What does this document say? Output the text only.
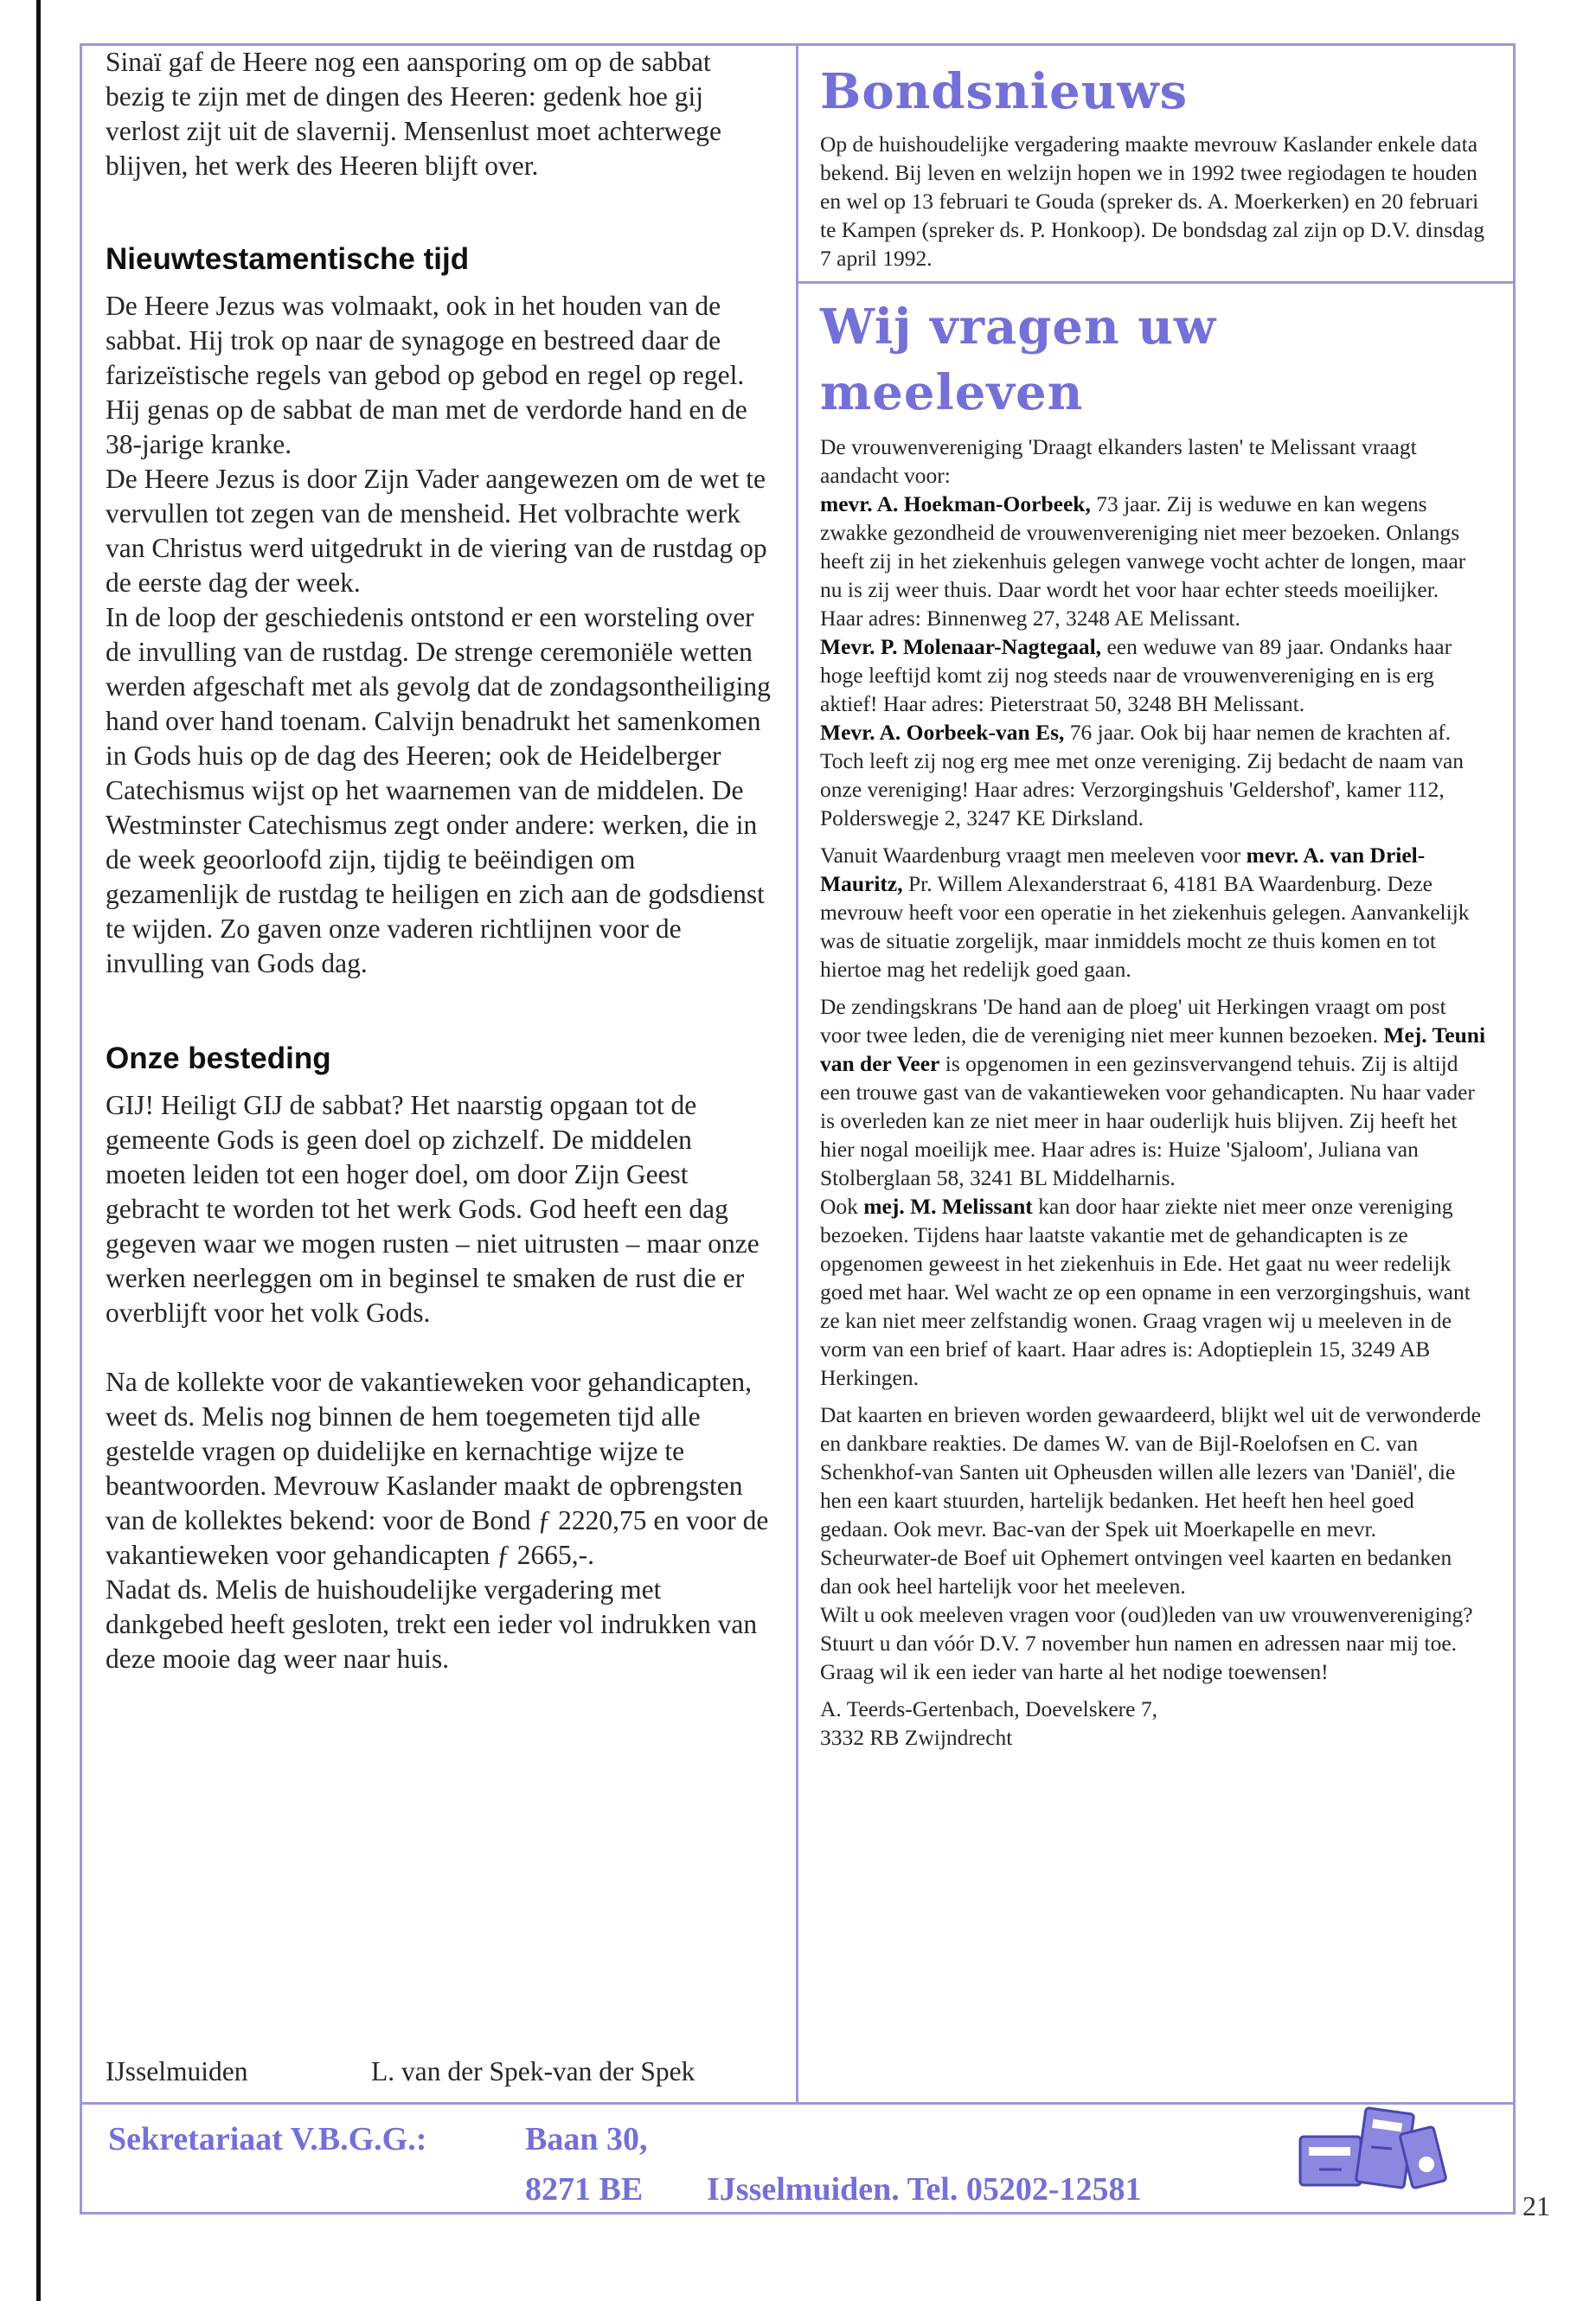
Sinaï gaf de Heere nog een aansporing om op de sabbat bezig te zijn met de dingen des Heeren: gedenk hoe gij verlost zijt uit de slavernij. Mensenlust moet achterwege blijven, het werk des Heeren blijft over.

Nieuwtestamentische tijd

De Heere Jezus was volmaakt, ook in het houden van de sabbat. Hij trok op naar de synagoge en bestreed daar de farizeïstische regels van gebod op gebod en regel op regel. Hij genas op de sabbat de man met de verdorde hand en de 38-jarige kranke.

De Heere Jezus is door Zijn Vader aangewezen om de wet te vervullen tot zegen van de mensheid. Het volbrachte werk van Christus werd uitgedrukt in de viering van de rustdag op de eerste dag der week.

In de loop der geschiedenis ontstond er een worsteling over de invulling van de rustdag. De strenge ceremoniële wetten werden afgeschaft met als gevolg dat de zondagsontheiliging hand over hand toenam. Calvijn benadrukt het samenkomen in Gods huis op de dag des Heeren; ook de Heidelberger Catechismus wijst op het waarnemen van de middelen. De Westminster Catechismus zegt onder andere: werken, die in de week geoorloofd zijn, tijdig te beëindigen om gezamenlijk de rustdag te heiligen en zich aan de godsdienst te wijden. Zo gaven onze vaderen richtlijnen voor de invulling van Gods dag.

Onze besteding

GIJ! Heiligt GIJ de sabbat? Het naarstig opgaan tot de gemeente Gods is geen doel op zichzelf. De middelen moeten leiden tot een hoger doel, om door Zijn Geest gebracht te worden tot het werk Gods. God heeft een dag gegeven waar we mogen rusten – niet uitrusten – maar onze werken neerleggen om in beginsel te smaken de rust die er overblijft voor het volk Gods.

Na de kollekte voor de vakantieweken voor gehandicapten, weet ds. Melis nog binnen de hem toegemeten tijd alle gestelde vragen op duidelijke en kernachtige wijze te beantwoorden. Mevrouw Kaslander maakt de opbrengsten van de kollektes bekend: voor de Bond ƒ 2220,75 en voor de vakantieweken voor gehandicapten ƒ 2665,-.

Nadat ds. Melis de huishoudelijke vergadering met dankgebed heeft gesloten, trekt een ieder vol indrukken van deze mooie dag weer naar huis.

IJsselmuiden	L. van der Spek-van der Spek
Bondsnieuws

Op de huishoudelijke vergadering maakte mevrouw Kaslander enkele data bekend. Bij leven en welzijn hopen we in 1992 twee regiodagen te houden en wel op 13 februari te Gouda (spreker ds. A. Moerkerken) en 20 februari te Kampen (spreker ds. P. Honkoop). De bondsdag zal zijn op D.V. dinsdag 7 april 1992.

Wij vragen uw meeleven

De vrouwenvereniging 'Draagt elkanders lasten' te Melissant vraagt aandacht voor:

mevr. A. Hoekman-Oorbeek, 73 jaar. Zij is weduwe en kan wegens zwakke gezondheid de vrouwenvereniging niet meer bezoeken. Onlangs heeft zij in het ziekenhuis gelegen vanwege vocht achter de longen, maar nu is zij weer thuis. Daar wordt het voor haar echter steeds moeilijker. Haar adres: Binnenweg 27, 3248 AE Melissant.

Mevr. P. Molenaar-Nagtegaal, een weduwe van 89 jaar. Ondanks haar hoge leeftijd komt zij nog steeds naar de vrouwenvereniging en is erg aktief! Haar adres: Pieterstraat 50, 3248 BH Melissant.

Mevr. A. Oorbeek-van Es, 76 jaar. Ook bij haar nemen de krachten af. Toch leeft zij nog erg mee met onze vereniging. Zij bedacht de naam van onze vereniging! Haar adres: Verzorgingshuis 'Geldershof', kamer 112, Polderswegje 2, 3247 KE Dirksland.

Vanuit Waardenburg vraagt men meeleven voor mevr. A. van Driel-Mauritz, Pr. Willem Alexanderstraat 6, 4181 BA Waardenburg. Deze mevrouw heeft voor een operatie in het ziekenhuis gelegen. Aanvankelijk was de situatie zorgelijk, maar inmiddels mocht ze thuis komen en tot hiertoe mag het redelijk goed gaan.

De zendingskrans 'De hand aan de ploeg' uit Herkingen vraagt om post voor twee leden, die de vereniging niet meer kunnen bezoeken. Mej. Teuni van der Veer is opgenomen in een gezinsvervangend tehuis. Zij is altijd een trouwe gast van de vakantieweken voor gehandicapten. Nu haar vader is overleden kan ze niet meer in haar ouderlijk huis blijven. Zij heeft het hier nogal moeilijk mee. Haar adres is: Huize 'Sjaloom', Juliana van Stolberglaan 58, 3241 BL Middelharnis.

Ook mej. M. Melissant kan door haar ziekte niet meer onze vereniging bezoeken. Tijdens haar laatste vakantie met de gehandicapten is ze opgenomen geweest in het ziekenhuis in Ede. Het gaat nu weer redelijk goed met haar. Wel wacht ze op een opname in een verzorgingshuis, want ze kan niet meer zelfstandig wonen. Graag vragen wij u meeleven in de vorm van een brief of kaart. Haar adres is: Adoptieplein 15, 3249 AB Herkingen.

Dat kaarten en brieven worden gewaardeerd, blijkt wel uit de verwonderde en dankbare reakties. De dames W. van de Bijl-Roelofsen en C. van Schenkhof-van Santen uit Opheusden willen alle lezers van 'Daniël', die hen een kaart stuurden, hartelijk bedanken. Het heeft hen heel goed gedaan. Ook mevr. Bac-van der Spek uit Moerkapelle en mevr. Scheurwater-de Boef uit Ophemert ontvingen veel kaarten en bedanken dan ook heel hartelijk voor het meeleven.

Wilt u ook meeleven vragen voor (oud)leden van uw vrouwenvereniging? Stuurt u dan vóór D.V. 7 november hun namen en adressen naar mij toe. Graag wil ik een ieder van harte al het nodige toewensen!

A. Teerds-Gertenbach, Doevelskere 7,

3332 RB Zwijndrecht

Sekretariaat V.B.G.G.:	Baan 30,
8271 BE IJsselmuiden. Tel. 05202-12581	21
